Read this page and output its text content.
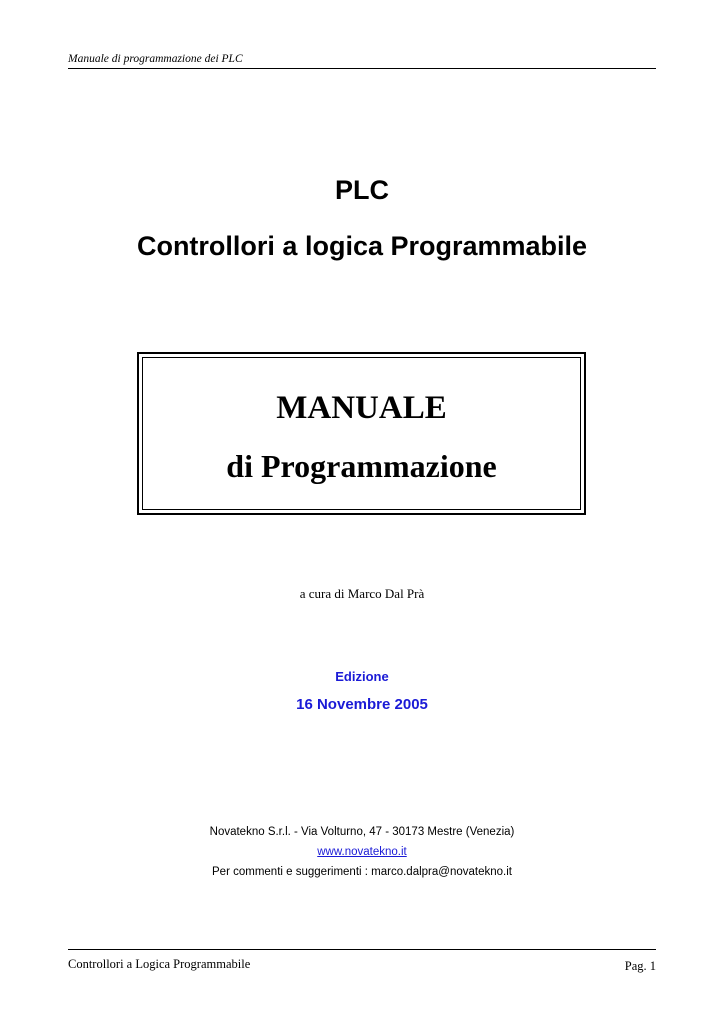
Manuale di programmazione dei PLC
PLC
Controllori a logica Programmabile
MANUALE
di Programmazione
a cura di Marco Dal Prà
Edizione
16 Novembre 2005
Novatekno S.r.l. - Via Volturno, 47 - 30173 Mestre (Venezia)
www.novatekno.it
Per commenti e suggerimenti : marco.dalpra@novatekno.it
Controllori a Logica Programmabile	Pag. 1
